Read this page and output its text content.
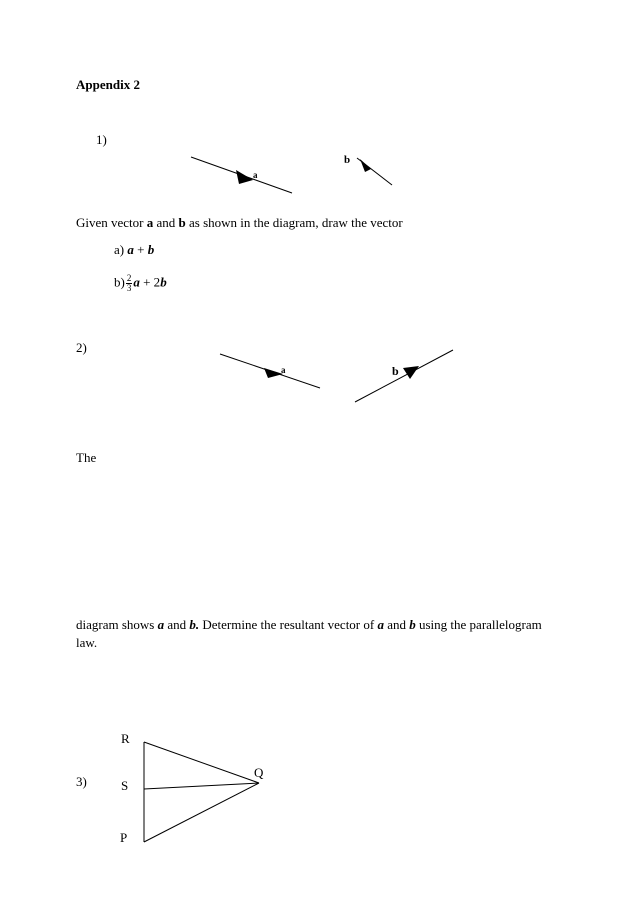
Appendix 2
1)
a
b
Given vector a and b as shown in the diagram, draw the vector
a) a + b
$b) \frac{2}{3}$ a + 2b
2)
a	b
The
diagram shows a and b. Determine the resultant vector of a and b using the parallelogram
law.
3)
R
S
P
Q
